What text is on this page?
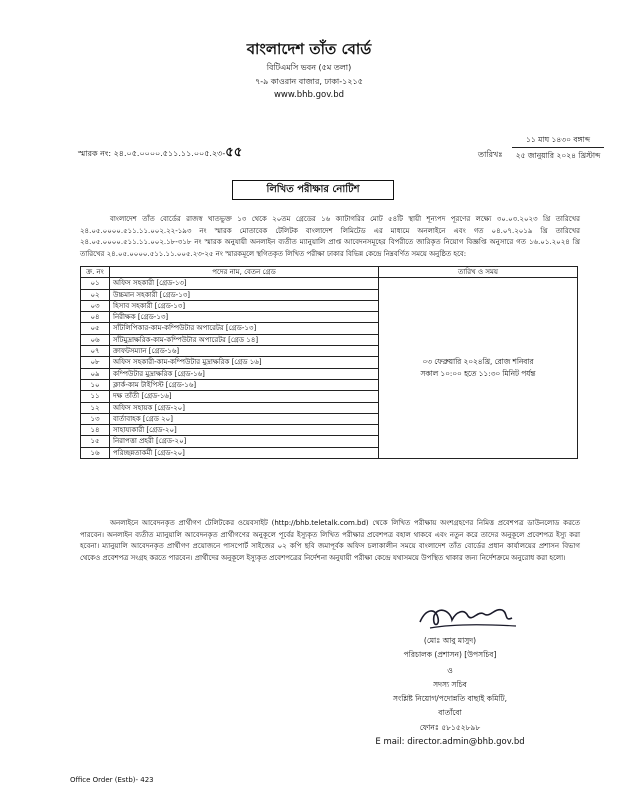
বাংলাদেশ তাঁত বোর্ড
বিটিএমসি ভবন (৫ম তলা)
৭-৯ কাওরান বাজার, ঢাকা-১২১৫
www.bhb.gov.bd
স্মারক নং: ২৪.০৫.০০০০.৫১১.১১.০০৫.২৩-৫৫	তারিখঃ
১১ মাঘ ১৪৩০ বঙ্গাব্দ
২৫ জানুয়ারি ২০২৪ খ্রিস্টাব্দ
লিখিত পরীক্ষার নোটিশ
বাংলাদেশ তাঁত বোর্ডের রাজস্ব খাতভুক্ত ১৩ থেকে ২০তম গ্রেডের ১৬ ক্যাটাগরির মোট ৫৪টি স্থায়ী শূন্যপদ পূরণের লক্ষ্যে ৩০.০৩.২০২৩ খ্রি তারিখের ২৪.০৫.০০০০.৫১১.১১.০০২.২২-১৯৩ নং স্মারক মোতাবেক টেলিটক বাংলাদেশ লিমিটেড এর মাধ্যমে অনলাইনে এবং গত ০৪.০৭.২০১৯ খ্রি তারিখের ২৪.০৫.০০০০.৫১১.১১.০০২.১৮-৩১৮ নং স্মারক অনুযায়ী অনলাইন ব্যতীত ম্যানুয়ালি প্রাপ্ত আবেদনসমূহের বিপরীতে জারিকৃত নিয়োগ বিজ্ঞপ্তি অনুসারে গত ১৬.০১.২০২৪ খ্রি তারিখের ২৪.০৫.০০০০.৫১১.১১.০০৫.২৩-২৫ নং স্মারকমূলে স্থগিতকৃত লিখিত পরীক্ষা ঢাকার বিভিন্ন কেন্দ্রে নিম্নবর্ণিত সময়ে অনুষ্ঠিত হবে:
ক্র. নং	পদের নাম, বেতন গ্রেড	তারিখ ও সময়
০১	অফিস সহকারী [গ্রেড-১৩]	০৩ ফেব্রুয়ারি ২০২৪খ্রি, রোজ শনিবার
সকাল ১০:০০ হতে ১১:৩০ মিনিট পর্যন্ত

০২	উচ্চমান সহকারী [গ্রেড-১৩]	
০৩	হিসাব সহকারী [গ্রেড-১৩]	
০৪	নিরীক্ষক [গ্রেড-১৩]	
০৫	সাঁটলিপিকার-কাম-কম্পিউটার অপারেটর [গ্রেড-১৩]	
০৬	সাঁটমুদ্রাক্ষরিক-কাম-কম্পিউটার অপারেটর [গ্রেড ১৪]	
০৭	ক্রাফটসম্যান [গ্রেড-১৬]	
০৮	অফিস সহকারী-কাম-কম্পিউটার মুদ্রাক্ষরিক [গ্রেড ১৬]	
০৯	কম্পিউটার মুদ্রাক্ষরিক [গ্রেড-১৬]	
১০	ক্লার্ক-কাম টাইপিস্ট [গ্রেড-১৬]	
১১	দক্ষ তাঁতী [গ্রেড-১৬]	
১২	অফিস সহায়ক [গ্রেড-২০]	
১৩	বার্তাবাহক [গ্রেড ২০]	
১৪	সাহায্যকারী [গ্রেড-২০]	
১৫	নিরাপত্তা প্রহরী [গ্রেড-২০]	
১৬	পরিচ্ছন্নতাকর্মী [গ্রেড-২০]	
অনলাইনে আবেদনকৃত প্রার্থীগণ টেলিটকের ওয়েবসাইট (http://bhb.teletalk.com.bd) থেকে লিখিত পরীক্ষায় অংশগ্রহণের নিমিত্ত প্রবেশপত্র ডাউনলোড করতে পারবেন। অনলাইন ব্যতীত ম্যানুয়ালি আবেদনকৃত প্রার্থীগণের অনুকূলে পূর্বের ইস্যুকৃত লিখিত পরীক্ষার প্রবেশপত্র বহাল থাকবে এবং নতুন করে তাদের অনুকূলে প্রবেশপত্র ইস্যু করা হবেনা। ম্যানুয়ালি আবেদনকৃত প্রার্থীগণ প্রয়োজনে পাসপোর্ট সাইজের ০২ কপি ছবি জমাপূর্বক অফিস চলাকালীন সময়ে বাংলাদেশ তাঁত বোর্ডের প্রধান কার্যালয়ের প্রশাসন বিভাগ থেকেও প্রবেশপত্র সংগ্রহ করতে পারবেন। প্রার্থীদের অনুকূলে ইস্যুকৃত প্রবেশপত্রের নির্দেশনা অনুযায়ী পরীক্ষা কেন্দ্রে যথাসময়ে উপস্থিত থাকার জন্য নির্দেশক্রমে অনুরোধ করা হলো।
(মোঃ আবু মাসুদ)
পরিচালক (প্রশাসন) [উপসচিব]
ও
সদস্য সচিব
সংশ্লিষ্ট নিয়োগ/পদোন্নতি বাছাই কমিটি,
বাতাঁবো
ফোনঃ ৫৮১৫২৮৯৮
E mail: director.admin@bhb.gov.bd
Office Order (Estb)- 423
